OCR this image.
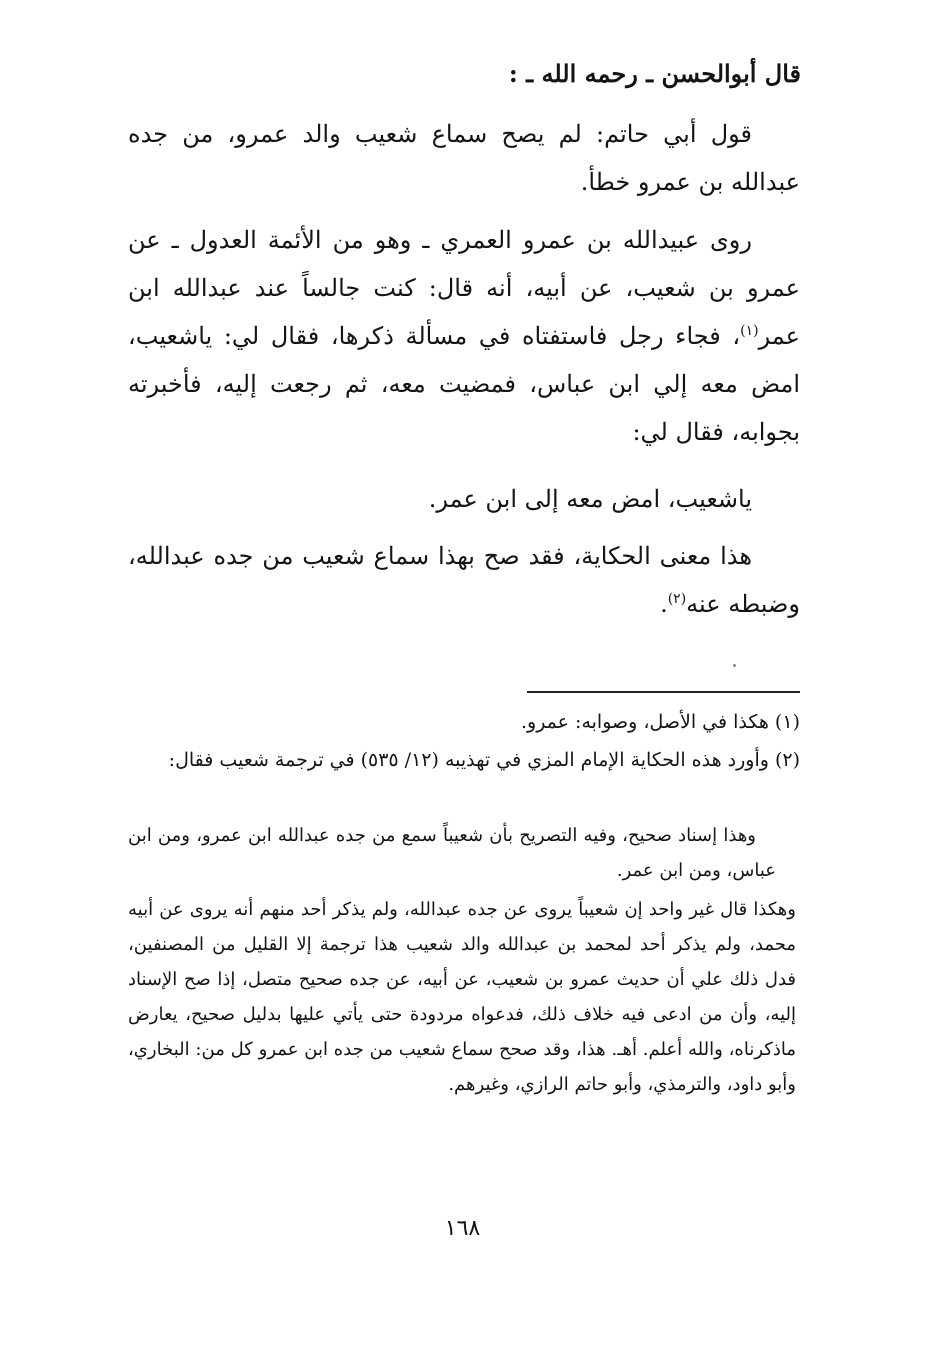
قال أبوالحسن ـ رحمه الله ـ :

قول أبي حاتم: لم يصح سماع شعيب والد عمرو، من جده عبدالله بن عمرو خطأ.

روى عبيدالله بن عمرو العمري ـ وهو من الأئمة العدول ـ عن عمرو بن شعيب، عن أبيه، أنه قال: كنت جالساً عند عبدالله ابن عمر$^{(١)}$، فجاء رجل فاستفتاه في مسألة ذكرها، فقال لي: ياشعيب، امض معه إلي ابن عباس، فمضيت معه، ثم رجعت إليه، فأخبرته بجوابه، فقال لي:

ياشعيب، امض معه إلى ابن عمر.

هذا معنى الحكاية، فقد صح بهذا سماع شعيب من جده عبدالله، وضبطه عنه$^{(٢)}$.

(١) هكذا في الأصل، وصوابه: عمرو.

(٢) وأورد هذه الحكاية الإمام المزي في تهذيبه (١٢/ ٥٣٥) في ترجمة شعيب فقال:

وهذا إسناد صحيح، وفيه التصريح بأن شعيباً سمع من جده عبدالله ابن عمرو، ومن ابن عباس، ومن ابن عمر.

وهكذا قال غير واحد إن شعيباً يروى عن جده عبدالله، ولم يذكر أحد منهم أنه يروى عن أبيه محمد، ولم يذكر أحد لمحمد بن عبدالله والد شعيب هذا ترجمة إلا القليل من المصنفين، فدل ذلك علي أن حديث عمرو بن شعيب، عن أبيه، عن جده صحيح متصل، إذا صح الإسناد إليه، وأن من ادعى فيه خلاف ذلك، فدعواه مردودة حتى يأتي عليها بدليل صحيح، يعارض ماذكرناه، والله أعلم. أهـ. هذا، وقد صحح سماع شعيب من جده ابن عمرو كل من: البخاري، وأبو داود، والترمذي، وأبو حاتم الرازي، وغيرهم.

١٦٨
